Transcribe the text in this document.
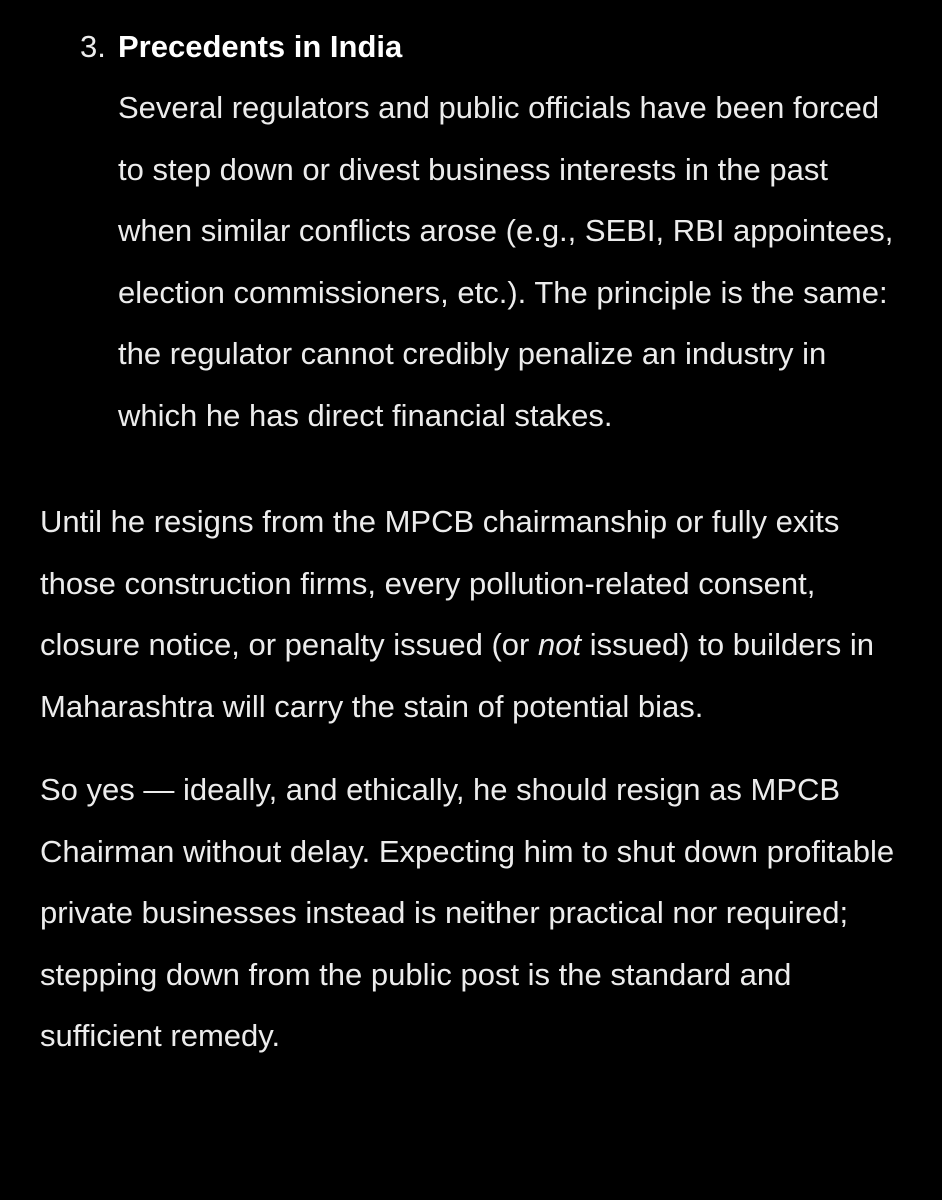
3. Precedents in India
Several regulators and public officials have been forced to step down or divest business interests in the past when similar conflicts arose (e.g., SEBI, RBI appointees, election commissioners, etc.). The principle is the same: the regulator cannot credibly penalize an industry in which he has direct financial stakes.

Until he resigns from the MPCB chairmanship or fully exits those construction firms, every pollution-related consent, closure notice, or penalty issued (or not issued) to builders in Maharashtra will carry the stain of potential bias.

So yes — ideally, and ethically, he should resign as MPCB Chairman without delay. Expecting him to shut down profitable private businesses instead is neither practical nor required; stepping down from the public post is the standard and sufficient remedy.
